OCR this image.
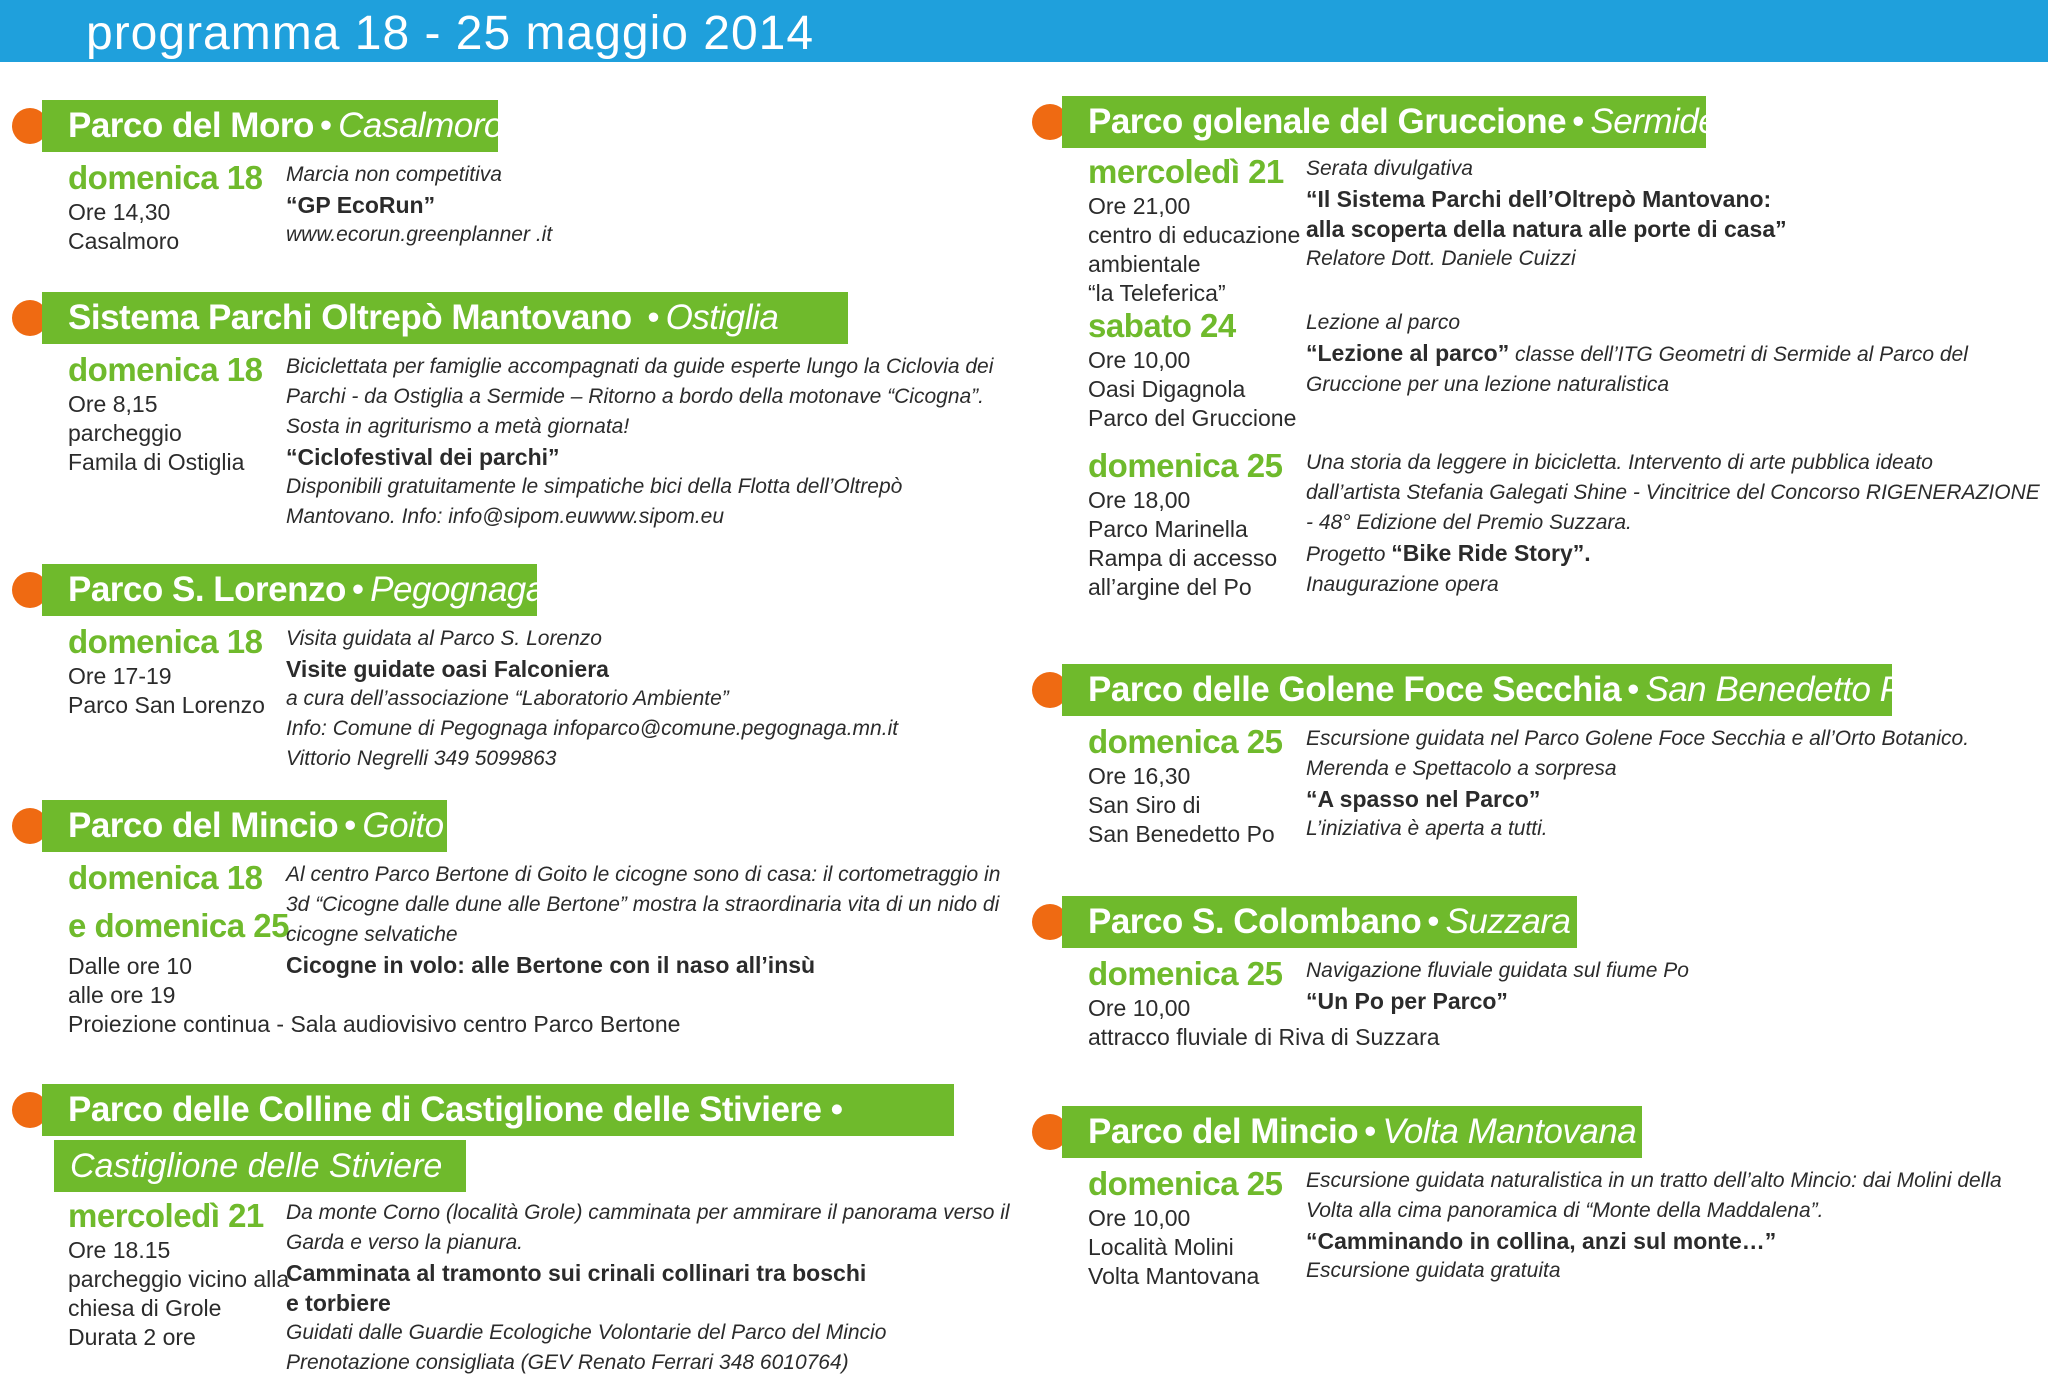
programma 18 - 25 maggio 2014
Parco del Moro • Casalmoro
domenica 18
Ore 14,30
Casalmoro
Marcia non competitiva
“GP EcoRun”
www.ecorun.greenplanner .it
Sistema Parchi Oltrepò Mantovano • Ostiglia
domenica 18
Ore 8,15
parcheggio
Famila di Ostiglia
Biciclettata per famiglie accompagnati da guide esperte lungo la Ciclovia dei
Parchi - da Ostiglia a Sermide – Ritorno a bordo della motonave “Cicogna”.
Sosta in agriturismo a metà giornata!
“Ciclofestival dei parchi”
Disponibili gratuitamente le simpatiche bici della Flotta dell’Oltrepò
Mantovano. Info: info@sipom.euwww.sipom.eu
Parco S. Lorenzo • Pegognaga
domenica 18
Ore 17-19
Parco San Lorenzo
Visita guidata al Parco S. Lorenzo
Visite guidate oasi Falconiera
a cura dell’associazione “Laboratorio Ambiente”
Info: Comune di Pegognaga infoparco@comune.pegognaga.mn.it
Vittorio Negrelli 349 5099863
Parco del Mincio • Goito
domenica 18
e domenica 25
Dalle ore 10
alle ore 19
Proiezione continua - Sala audiovisivo centro Parco Bertone
Al centro Parco Bertone di Goito le cicogne sono di casa: il cortometraggio in
3d “Cicogne dalle dune alle Bertone” mostra la straordinaria vita di un nido di
cicogne selvatiche
Cicogne in volo: alle Bertone con il naso all’insù
Parco delle Colline di Castiglione delle Stiviere •
Castiglione delle Stiviere
mercoledì 21
Ore 18.15
parcheggio vicino alla
chiesa di Grole
Durata 2 ore
Da monte Corno (località Grole) camminata per ammirare il panorama verso il
Garda e verso la pianura.
Camminata al tramonto sui crinali collinari tra boschi
e torbiere
Guidati dalle Guardie Ecologiche Volontarie del Parco del Mincio
Prenotazione consigliata (GEV Renato Ferrari 348 6010764)
Parco golenale del Gruccione • Sermide
mercoledì 21
Ore 21,00
centro di educazione
ambientale
“la Teleferica”
Serata divulgativa
“Il Sistema Parchi dell’Oltrepò Mantovano:
alla scoperta della natura alle porte di casa”
Relatore Dott. Daniele Cuizzi
sabato 24
Ore 10,00
Oasi Digagnola
Parco del Gruccione
Lezione al parco
“Lezione al parco” classe dell’ITG Geometri di Sermide al Parco del
Gruccione per una lezione naturalistica
domenica 25
Ore 18,00
Parco Marinella
Rampa di accesso
all’argine del Po
Una storia da leggere in bicicletta. Intervento di arte pubblica ideato
dall’artista Stefania Galegati Shine - Vincitrice del Concorso RIGENERAZIONE
- 48° Edizione del Premio Suzzara.
Progetto “Bike Ride Story”.
Inaugurazione opera
Parco delle Golene Foce Secchia • San Benedetto Po
domenica 25
Ore 16,30
San Siro di
San Benedetto Po
Escursione guidata nel Parco Golene Foce Secchia e all’Orto Botanico.
Merenda e Spettacolo a sorpresa
“A spasso nel Parco”
L’iniziativa è aperta a tutti.
Parco S. Colombano • Suzzara
domenica 25
Ore 10,00
attracco fluviale di Riva di Suzzara
Navigazione fluviale guidata sul fiume Po
“Un Po per Parco”
Parco del Mincio • Volta Mantovana
domenica 25
Ore 10,00
Località Molini
Volta Mantovana
Escursione guidata naturalistica in un tratto dell’alto Mincio: dai Molini della
Volta alla cima panoramica di “Monte della Maddalena”.
“Camminando in collina, anzi sul monte…”
Escursione guidata gratuita
